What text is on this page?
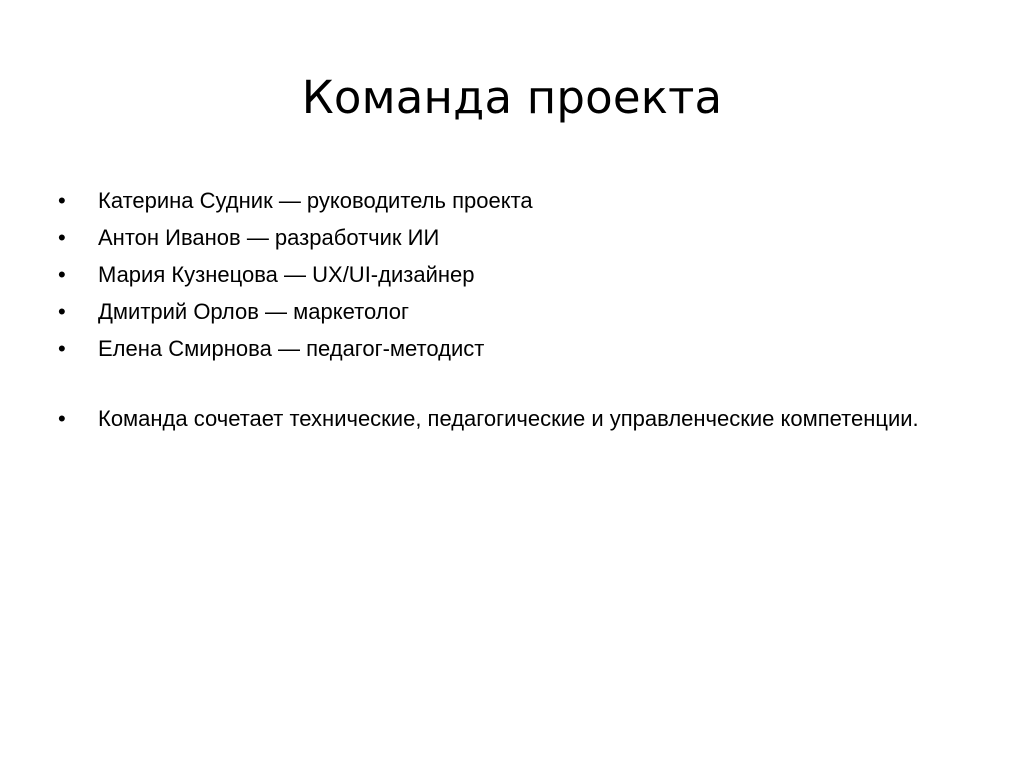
Команда проекта
•	Катерина Судник — руководитель проекта
•	Антон Иванов — разработчик ИИ
•	Мария Кузнецова — UX/UI-дизайнер
•	Дмитрий Орлов — маркетолог
•	Елена Смирнова — педагог-методист
•	Команда сочетает технические, педагогические и управленческие компетенции.
